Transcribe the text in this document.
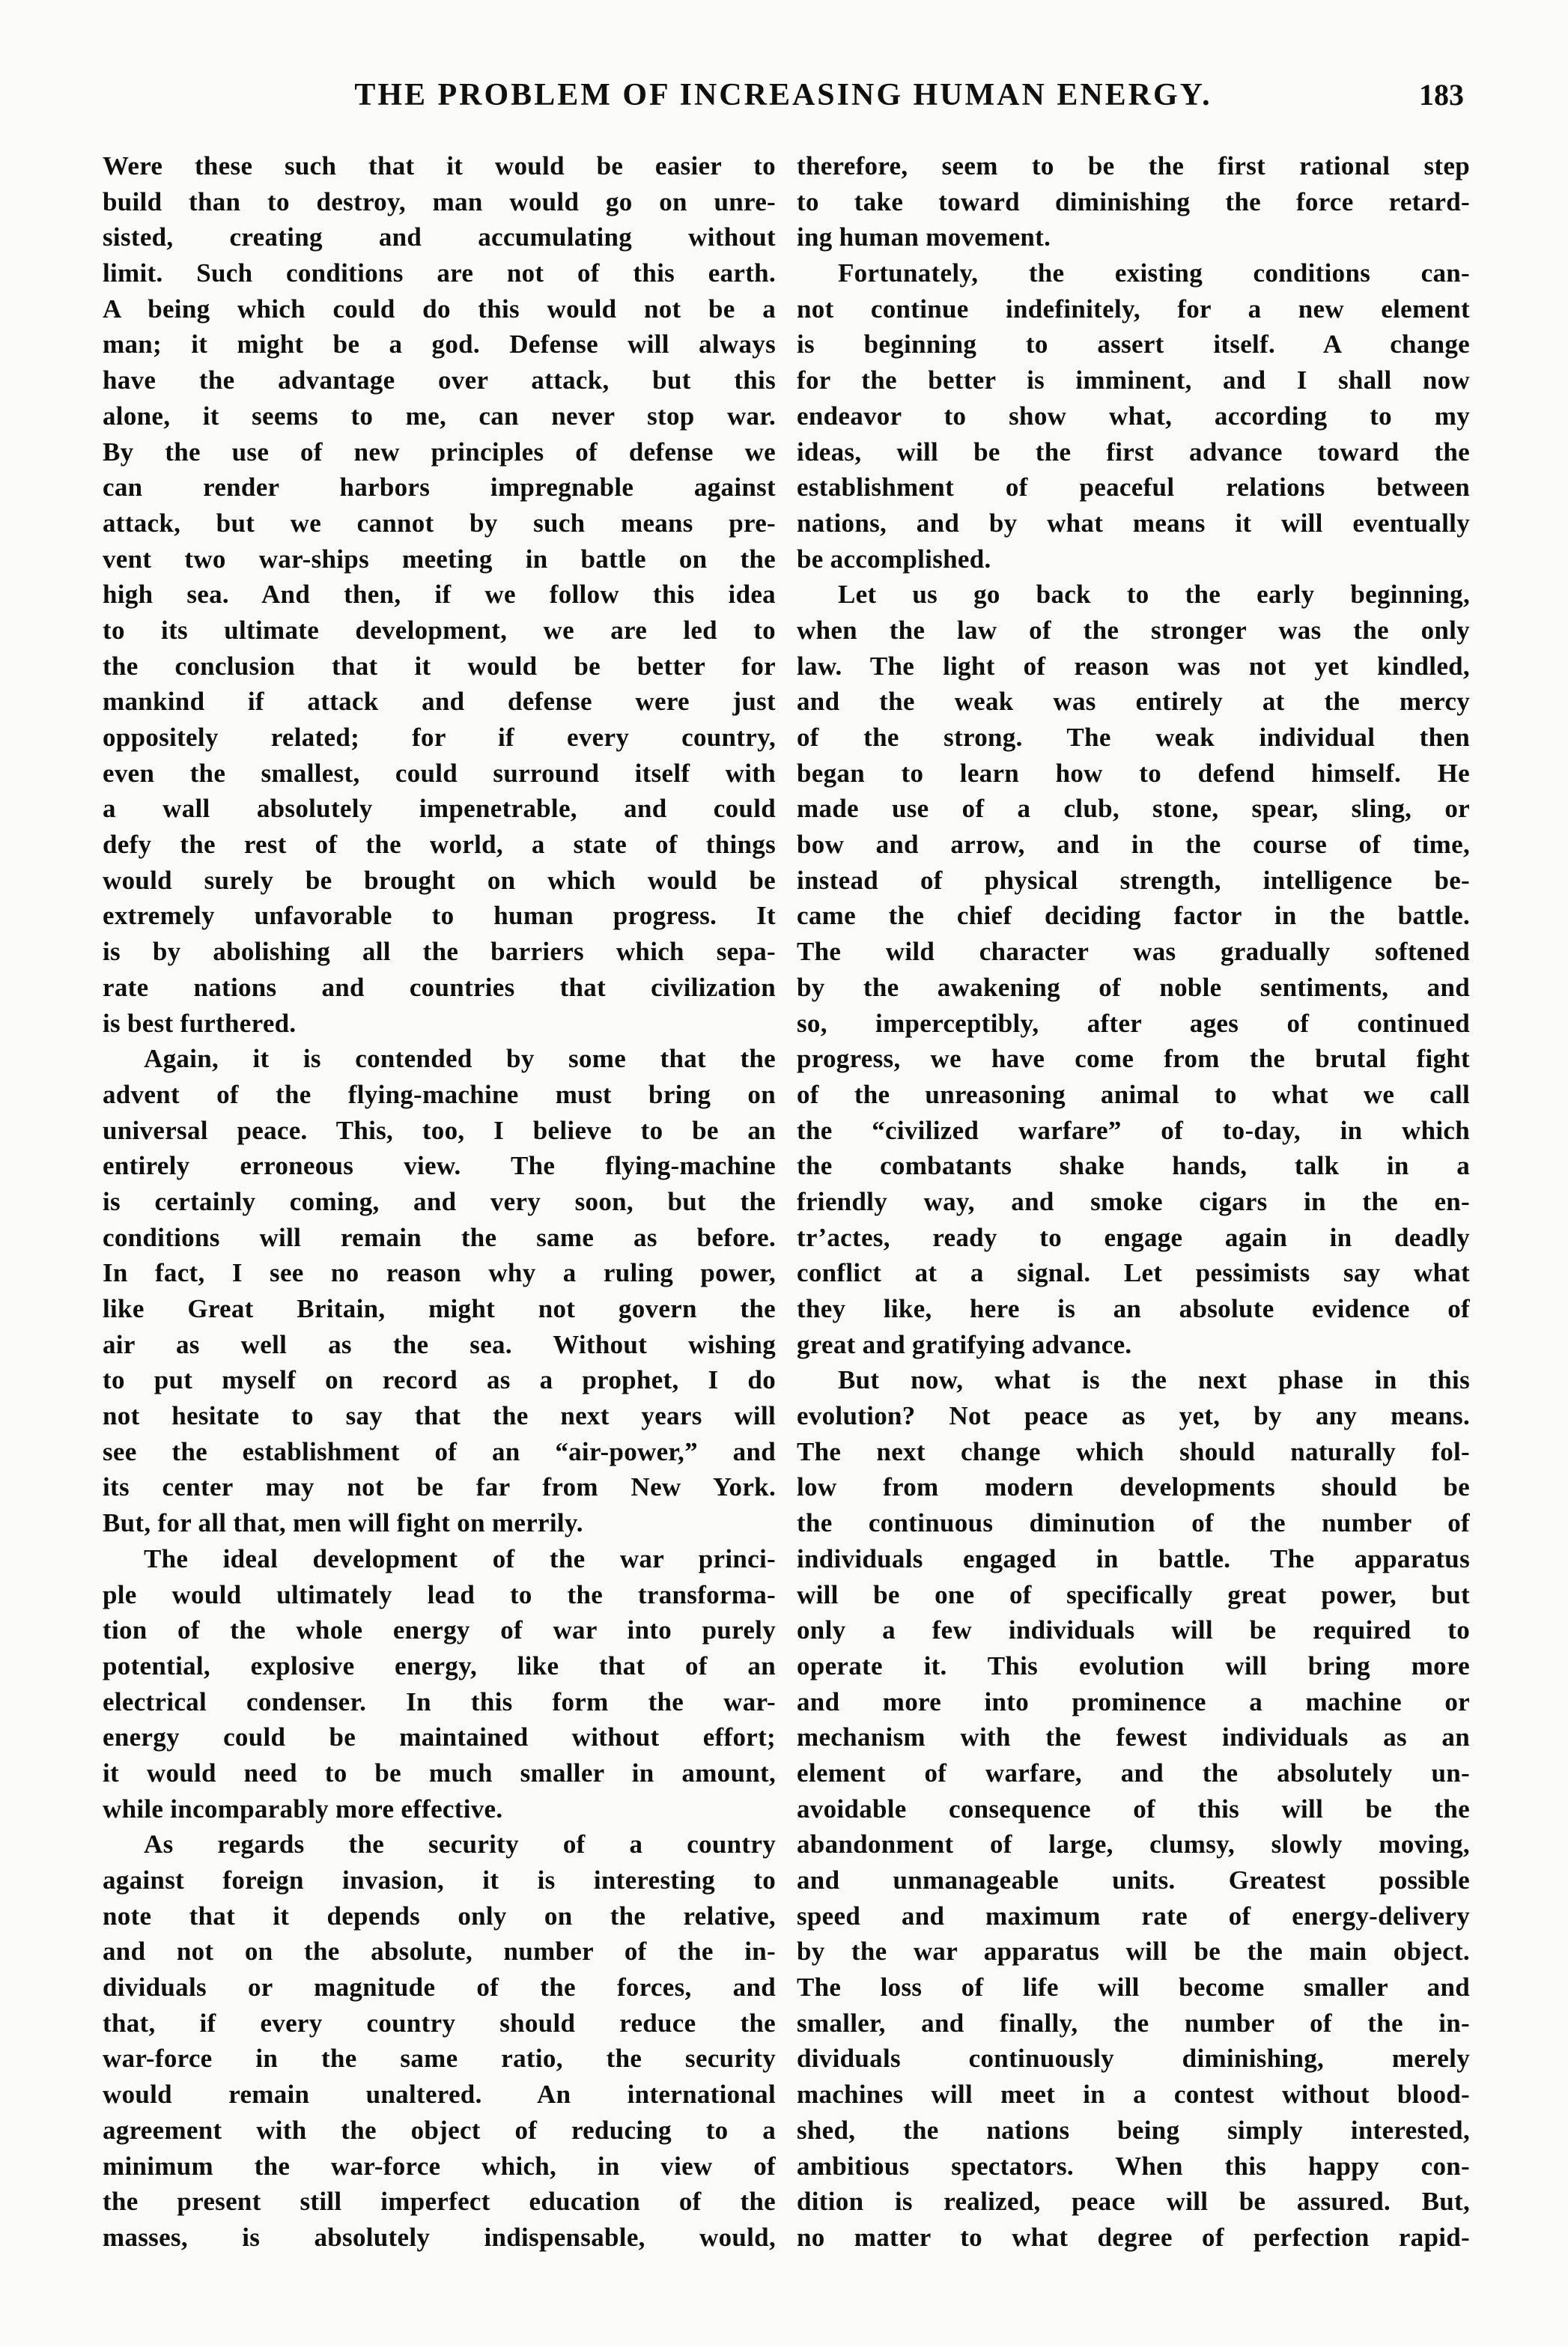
THE PROBLEM OF INCREASING HUMAN ENERGY.	183
Were these such that it would be easier to
build than to destroy, man would go on unre-
sisted, creating and accumulating without
limit. Such conditions are not of this earth.
A being which could do this would not be a
man; it might be a god. Defense will always
have the advantage over attack, but this
alone, it seems to me, can never stop war.
By the use of new principles of defense we
can render harbors impregnable against
attack, but we cannot by such means pre-
vent two war-ships meeting in battle on the
high sea. And then, if we follow this idea
to its ultimate development, we are led to
the conclusion that it would be better for
mankind if attack and defense were just
oppositely related; for if every country,
even the smallest, could surround itself with
a wall absolutely impenetrable, and could
defy the rest of the world, a state of things
would surely be brought on which would be
extremely unfavorable to human progress. It
is by abolishing all the barriers which sepa-
rate nations and countries that civilization
is best furthered.
Again, it is contended by some that the
advent of the flying-machine must bring on
universal peace. This, too, I believe to be an
entirely erroneous view. The flying-machine
is certainly coming, and very soon, but the
conditions will remain the same as before.
In fact, I see no reason why a ruling power,
like Great Britain, might not govern the
air as well as the sea. Without wishing
to put myself on record as a prophet, I do
not hesitate to say that the next years will
see the establishment of an “air-power,” and
its center may not be far from New York.
But, for all that, men will fight on merrily.
The ideal development of the war princi-
ple would ultimately lead to the transforma-
tion of the whole energy of war into purely
potential, explosive energy, like that of an
electrical condenser. In this form the war-
energy could be maintained without effort;
it would need to be much smaller in amount,
while incomparably more effective.
As regards the security of a country
against foreign invasion, it is interesting to
note that it depends only on the relative,
and not on the absolute, number of the in-
dividuals or magnitude of the forces, and
that, if every country should reduce the
war-force in the same ratio, the security
would remain unaltered. An international
agreement with the object of reducing to a
minimum the war-force which, in view of
the present still imperfect education of the
masses, is absolutely indispensable, would,
therefore, seem to be the first rational step
to take toward diminishing the force retard-
ing human movement.
Fortunately, the existing conditions can-
not continue indefinitely, for a new element
is beginning to assert itself. A change
for the better is imminent, and I shall now
endeavor to show what, according to my
ideas, will be the first advance toward the
establishment of peaceful relations between
nations, and by what means it will eventually
be accomplished.
Let us go back to the early beginning,
when the law of the stronger was the only
law. The light of reason was not yet kindled,
and the weak was entirely at the mercy
of the strong. The weak individual then
began to learn how to defend himself. He
made use of a club, stone, spear, sling, or
bow and arrow, and in the course of time,
instead of physical strength, intelligence be-
came the chief deciding factor in the battle.
The wild character was gradually softened
by the awakening of noble sentiments, and
so, imperceptibly, after ages of continued
progress, we have come from the brutal fight
of the unreasoning animal to what we call
the “civilized warfare” of to-day, in which
the combatants shake hands, talk in a
friendly way, and smoke cigars in the en-
tr’actes, ready to engage again in deadly
conflict at a signal. Let pessimists say what
they like, here is an absolute evidence of
great and gratifying advance.
But now, what is the next phase in this
evolution? Not peace as yet, by any means.
The next change which should naturally fol-
low from modern developments should be
the continuous diminution of the number of
individuals engaged in battle. The apparatus
will be one of specifically great power, but
only a few individuals will be required to
operate it. This evolution will bring more
and more into prominence a machine or
mechanism with the fewest individuals as an
element of warfare, and the absolutely un-
avoidable consequence of this will be the
abandonment of large, clumsy, slowly moving,
and unmanageable units. Greatest possible
speed and maximum rate of energy-delivery
by the war apparatus will be the main object.
The loss of life will become smaller and
smaller, and finally, the number of the in-
dividuals continuously diminishing, merely
machines will meet in a contest without blood-
shed, the nations being simply interested,
ambitious spectators. When this happy con-
dition is realized, peace will be assured. But,
no matter to what degree of perfection rapid-
